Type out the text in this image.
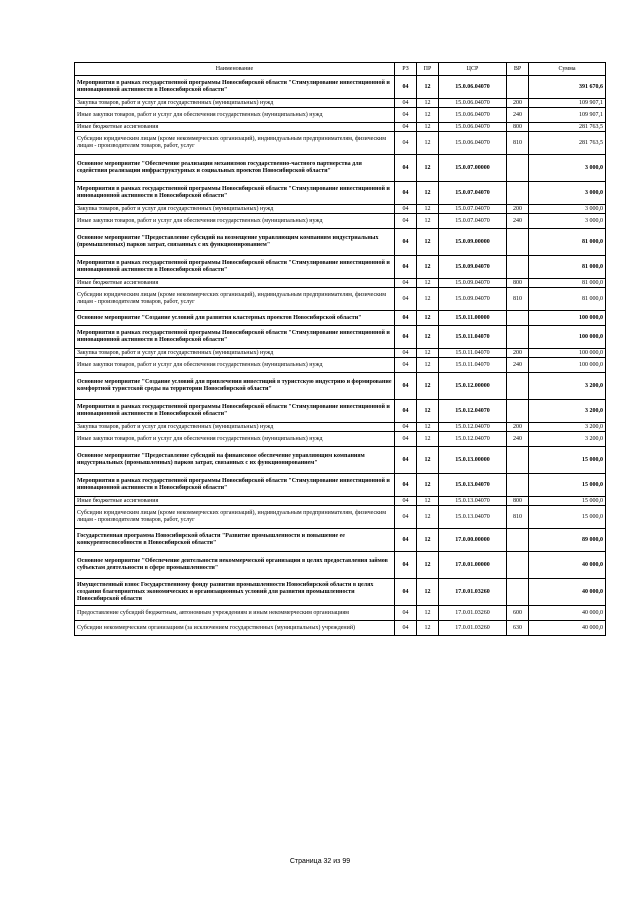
Наименование	РЗ	ПР	ЦСР	ВР	Сумма
Мероприятия в рамках государственной программы Новосибирской области "Стимулирование инвестиционной и инновационной активности в Новосибирской области"	04	12	15.0.06.04070		391 670,6
Закупка товаров, работ и услуг для государственных (муниципальных) нужд	04	12	15.0.06.04070	200	109 907,1
Иные закупки товаров, работ и услуг для обеспечения государственных (муниципальных) нужд	04	12	15.0.06.04070	240	109 907,1
Иные бюджетные ассигнования	04	12	15.0.06.04070	800	281 763,5
Субсидии юридическим лицам (кроме некоммерческих организаций), индивидуальным предпринимателям, физическим лицам - производителям товаров, работ, услуг	04	12	15.0.06.04070	810	281 763,5
Основное мероприятие "Обеспечение реализации механизмов государственно-частного партнерства для содействия реализации инфраструктурных и социальных проектов Новосибирской области"	04	12	15.0.07.00000		3 000,0
Мероприятия в рамках государственной программы Новосибирской области "Стимулирование инвестиционной и инновационной активности в Новосибирской области"	04	12	15.0.07.04070		3 000,0
Закупка товаров, работ и услуг для государственных (муниципальных) нужд	04	12	15.0.07.04070	200	3 000,0
Иные закупки товаров, работ и услуг для обеспечения государственных (муниципальных) нужд	04	12	15.0.07.04070	240	3 000,0
Основное мероприятие "Предоставление субсидий на возмещение управляющим компаниям индустриальных (промышленных) парков затрат, связанных с их функционированием"	04	12	15.0.09.00000		81 000,0
Мероприятия в рамках государственной программы Новосибирской области "Стимулирование инвестиционной и инновационной активности в Новосибирской области"	04	12	15.0.09.04070		81 000,0
Иные бюджетные ассигнования	04	12	15.0.09.04070	800	81 000,0
Субсидии юридическим лицам (кроме некоммерческих организаций), индивидуальным предпринимателям, физическим лицам - производителям товаров, работ, услуг	04	12	15.0.09.04070	810	81 000,0
Основное мероприятие "Создание условий для развития кластерных проектов Новосибирской области"	04	12	15.0.11.00000		100 000,0
Мероприятия в рамках государственной программы Новосибирской области "Стимулирование инвестиционной и инновационной активности в Новосибирской области"	04	12	15.0.11.04070		100 000,0
Закупка товаров, работ и услуг для государственных (муниципальных) нужд	04	12	15.0.11.04070	200	100 000,0
Иные закупки товаров, работ и услуг для обеспечения государственных (муниципальных) нужд	04	12	15.0.11.04070	240	100 000,0
Основное мероприятие "Создание условий для привлечения инвестиций в туристскую индустрию и формирование комфортной туристской среды на территории Новосибирской области"	04	12	15.0.12.00000		3 200,0
Мероприятия в рамках государственной программы Новосибирской области "Стимулирование инвестиционной и инновационной активности в Новосибирской области"	04	12	15.0.12.04070		3 200,0
Закупка товаров, работ и услуг для государственных (муниципальных) нужд	04	12	15.0.12.04070	200	3 200,0
Иные закупки товаров, работ и услуг для обеспечения государственных (муниципальных) нужд	04	12	15.0.12.04070	240	3 200,0
Основное мероприятие "Предоставление субсидий на финансовое обеспечение управляющим компаниям индустриальных (промышленных) парков затрат, связанных с их функционированием"	04	12	15.0.13.00000		15 000,0
Мероприятия в рамках государственной программы Новосибирской области "Стимулирование инвестиционной и инновационной активности в Новосибирской области"	04	12	15.0.13.04070		15 000,0
Иные бюджетные ассигнования	04	12	15.0.13.04070	800	15 000,0
Субсидии юридическим лицам (кроме некоммерческих организаций), индивидуальным предпринимателям, физическим лицам - производителям товаров, работ, услуг	04	12	15.0.13.04070	810	15 000,0
Государственная программа Новосибирской области "Развитие промышленности и повышение ее конкурентоспособности в Новосибирской области"	04	12	17.0.00.00000		89 000,0
Основное мероприятие "Обеспечение деятельности некоммерческой организации в целях предоставления займов субъектам деятельности в сфере промышленности"	04	12	17.0.01.00000		40 000,0
Имущественный взнос Государственному фонду развития промышленности Новосибирской области в целях создания благоприятных экономических и организационных условий для развития промышленности Новосибирской области	04	12	17.0.01.03260		40 000,0
Предоставление субсидий бюджетным, автономным учреждениям и иным некоммерческим организациям	04	12	17.0.01.03260	600	40 000,0
Субсидии некоммерческим организациям (за исключением государственных (муниципальных) учреждений)	04	12	17.0.01.03260	630	40 000,0
Страница 32 из 99
